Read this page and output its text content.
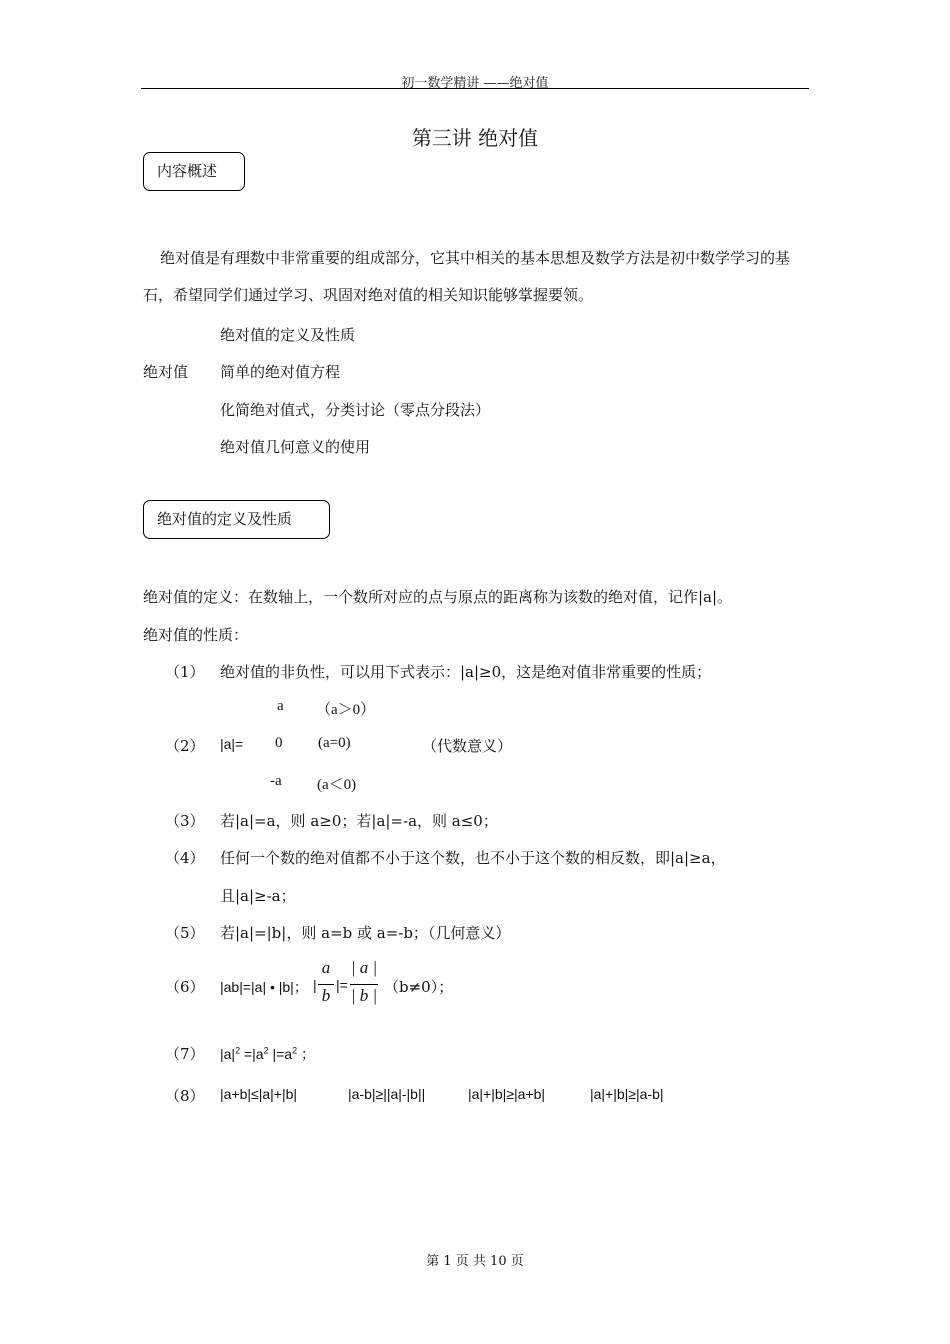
初一数学精讲 ——绝对值
第三讲 绝对值
内容概述
绝对值是有理数中非常重要的组成部分，它其中相关的基本思想及数学方法是初中数学学习的基石，希望同学们通过学习、巩固对绝对值的相关知识能够掌握要领。
绝对值的定义及性质
绝对值 简单的绝对值方程
化简绝对值式，分类讨论（零点分段法）
绝对值几何意义的使用
绝对值的定义及性质
绝对值的定义：在数轴上，一个数所对应的点与原点的距离称为该数的绝对值，记作|a|。
绝对值的性质：
（1） 绝对值的非负性，可以用下式表示：|a|≥0，这是绝对值非常重要的性质；
a （a＞0）
（2） |a|= 0 (a=0)	（代数意义）
-a (a＜0)
（3） 若|a|=a，则 a≥0；若|a|=-a，则 a≤0；
（4） 任何一个数的绝对值都不小于这个数，也不小于这个数的相反数，即|a|≥a，
且|a|≥-a；
（5） 若|a|=|b|，则 a=b 或 a=-b；（几何意义）
（6） |ab|=|a| • |b|； |
a
b
|=
| a |
| b | （b≠0）；
（7） $|a|^2 =|a^2$ $|=a^2$ ；
（8） |a+b|≤|a|+|b|	|a-b|≥||a|-|b||	|a|+|b|≥|a+b|	|a|+|b|≥|a-b|
第 1 页 共 10 页
